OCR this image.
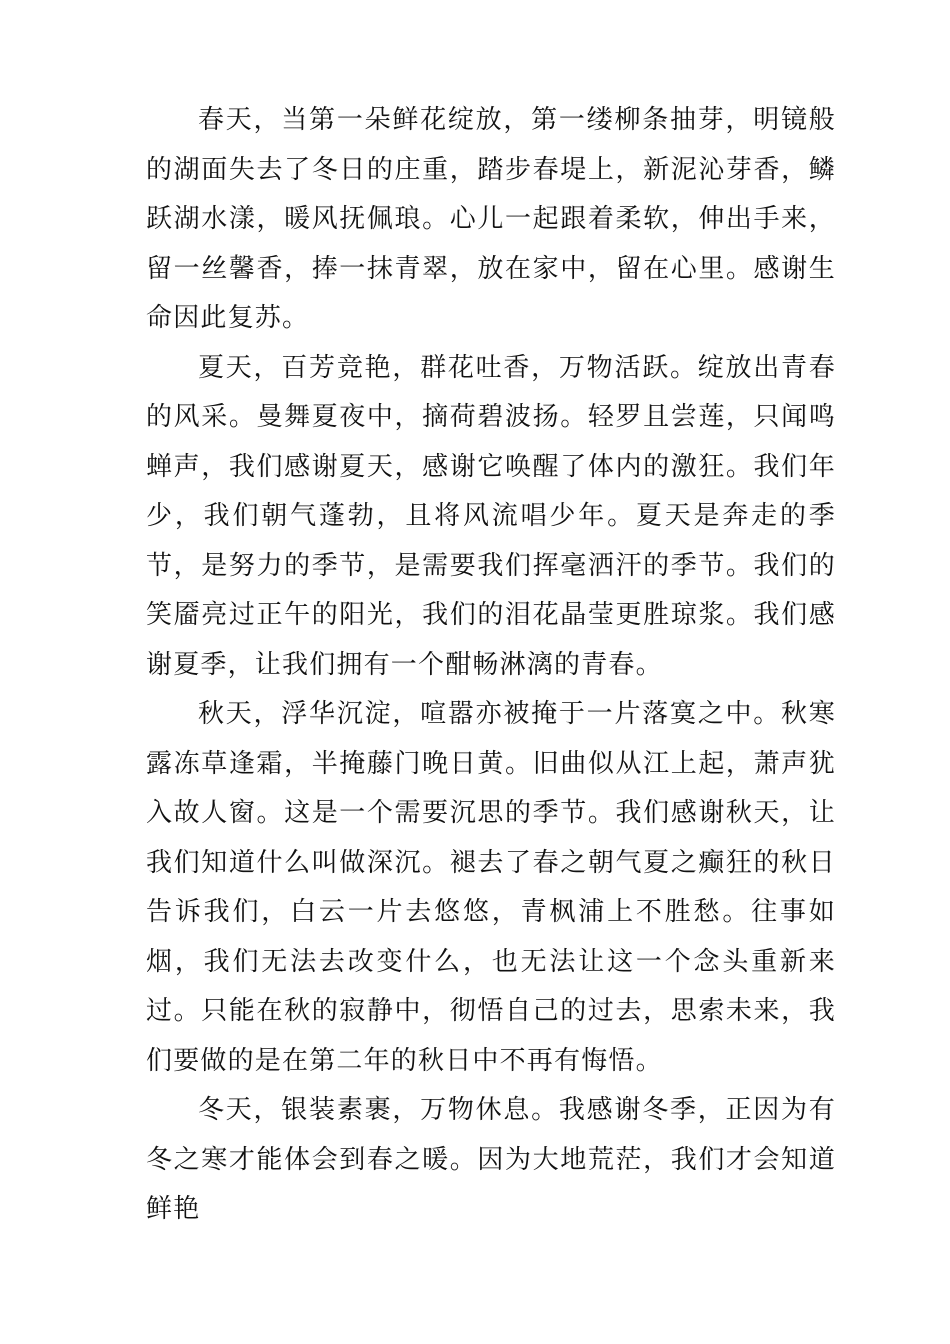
春天，当第一朵鲜花绽放，第一缕柳条抽芽，明镜般的湖面失去了冬日的庄重，踏步春堤上，新泥沁芽香，鳞跃湖水漾，暖风抚佩琅。心儿一起跟着柔软，伸出手来，留一丝馨香，捧一抹青翠，放在家中，留在心里。感谢生命因此复苏。

夏天，百芳竞艳，群花吐香，万物活跃。绽放出青春的风采。曼舞夏夜中，摘荷碧波扬。轻罗且尝莲，只闻鸣蝉声，我们感谢夏天，感谢它唤醒了体内的激狂。我们年少，我们朝气蓬勃，且将风流唱少年。夏天是奔走的季节，是努力的季节，是需要我们挥毫洒汗的季节。我们的笑靥亮过正午的阳光，我们的泪花晶莹更胜琼浆。我们感谢夏季，让我们拥有一个酣畅淋漓的青春。

秋天，浮华沉淀，喧嚣亦被掩于一片落寞之中。秋寒露冻草逢霜，半掩藤门晚日黄。旧曲似从江上起，萧声犹入故人窗。这是一个需要沉思的季节。我们感谢秋天，让我们知道什么叫做深沉。褪去了春之朝气夏之癫狂的秋日告诉我们，白云一片去悠悠，青枫浦上不胜愁。往事如烟，我们无法去改变什么，也无法让这一个念头重新来过。只能在秋的寂静中，彻悟自己的过去，思索未来，我们要做的是在第二年的秋日中不再有悔悟。

冬天，银装素裹，万物休息。我感谢冬季，正因为有冬之寒才能体会到春之暖。因为大地荒茫，我们才会知道鲜艳
